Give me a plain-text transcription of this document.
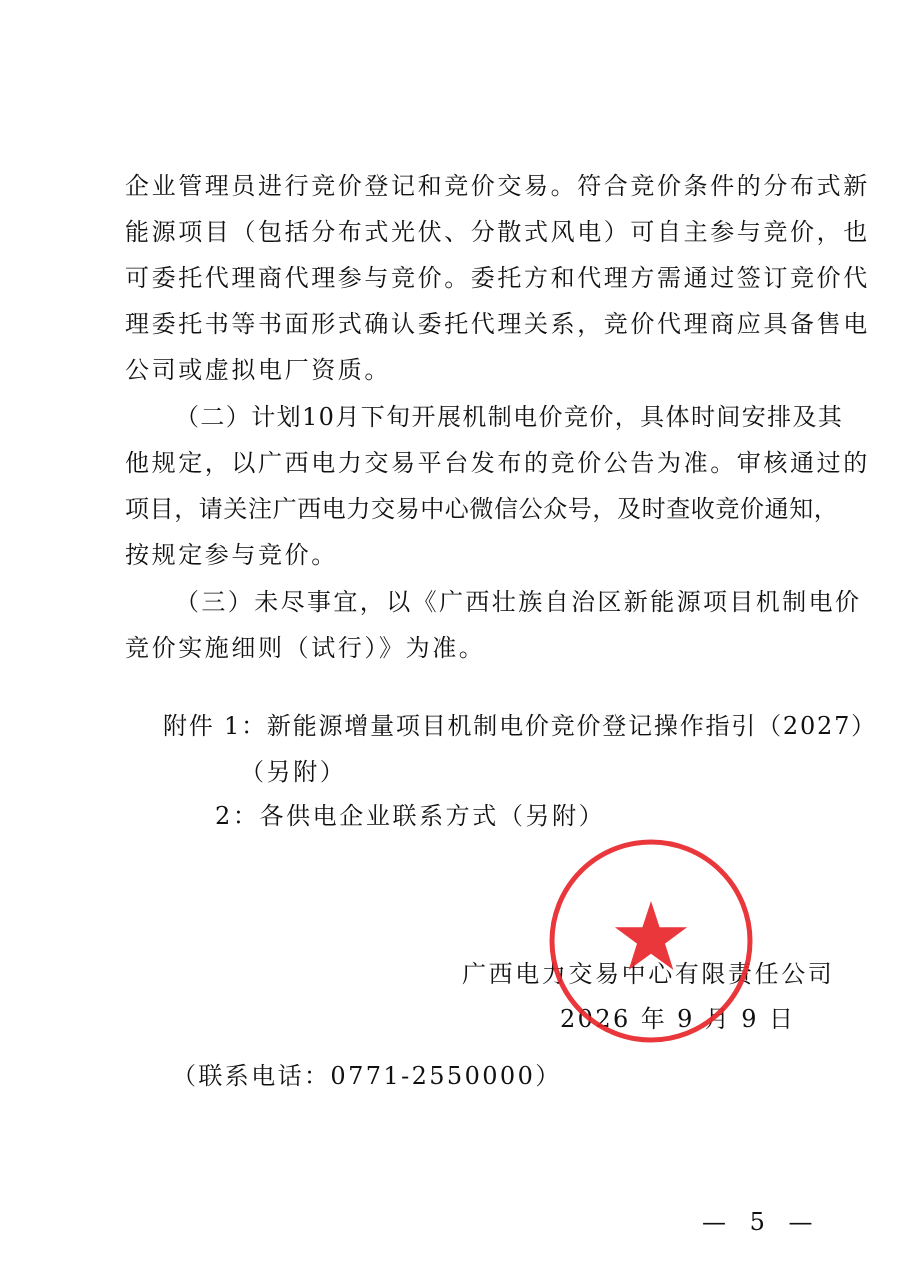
企业管理员进行竞价登记和竞价交易。符合竞价条件的分布式新
能源项目（包括分布式光伏、分散式风电）可自主参与竞价，也
可委托代理商代理参与竞价。委托方和代理方需通过签订竞价代
理委托书等书面形式确认委托代理关系，竞价代理商应具备售电
公司或虚拟电厂资质。
（二）计划10月下旬开展机制电价竞价，具体时间安排及其
他规定，以广西电力交易平台发布的竞价公告为准。审核通过的
项目，请关注广西电力交易中心微信公众号，及时查收竞价通知，
按规定参与竞价。
（三）未尽事宜，以《广西壮族自治区新能源项目机制电价
竞价实施细则（试行）》为准。
附件 1：新能源增量项目机制电价竞价登记操作指引（2027）
（另附）
2：各供电企业联系方式（另附）
广西电力交易中心有限责任公司
2026 年 9 月 9 日
（联系电话：0771-2550000）
— 5 —
